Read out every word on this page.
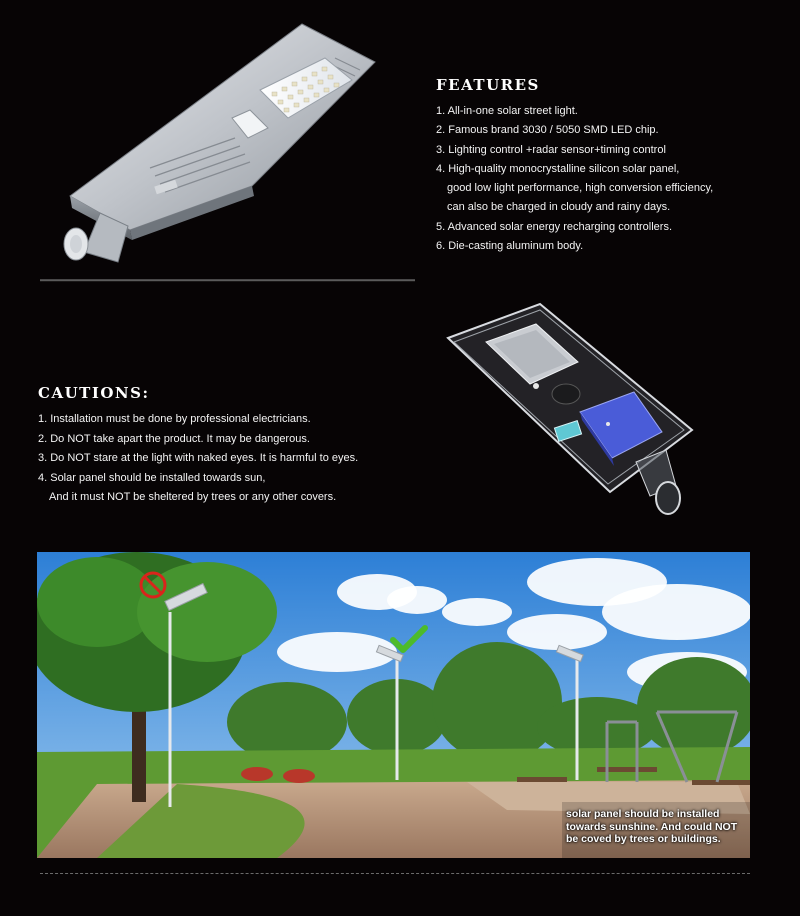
FEATURES
1. All-in-one solar street light.
2. Famous brand 3030 / 5050 SMD LED chip.
3. Lighting control +radar sensor+timing control
4. High-quality monocrystalline silicon solar panel,
good low light performance, high conversion efficiency,
can also be charged in cloudy and rainy days.
5. Advanced solar energy recharging controllers.
6. Die-casting aluminum body.
CAUTIONS:
1. Installation must be done by professional electricians.
2. Do NOT take apart the product. It may be dangerous.
3. Do NOT stare at the light with naked eyes. It is harmful to eyes.
4. Solar panel should be installed towards sun,
And it must NOT be sheltered by trees or any other covers.
solar panel should be installed
towards sunshine. And could NOT
be coved by trees or buildings.
